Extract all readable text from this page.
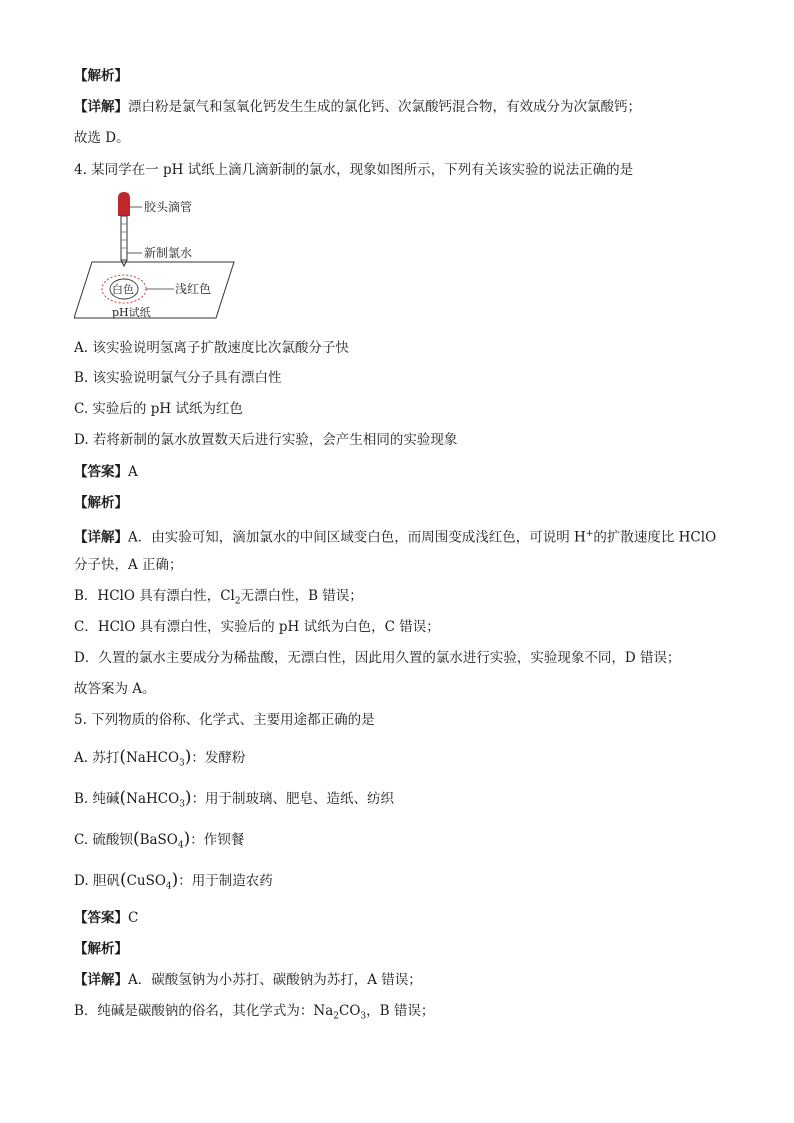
【解析】
【详解】漂白粉是氯气和氢氧化钙发生生成的氯化钙、次氯酸钙混合物，有效成分为次氯酸钙；
故选 D。
4. 某同学在一 pH 试纸上滴几滴新制的氯水，现象如图所示，下列有关该实验的说法正确的是
胶头滴管
新制氯水
白色	浅红色
pH试纸
A. 该实验说明氢离子扩散速度比次氯酸分子快
B. 该实验说明氯气分子具有漂白性
C. 实验后的 pH 试纸为红色
D. 若将新制的氯水放置数天后进行实验，会产生相同的实验现象
【答案】A
【解析】
【详解】A．由实验可知，滴加氯水的中间区域变白色，而周围变成浅红色，可说明 H+的扩散速度比 HClO
分子快，A 正确；
B．HClO 具有漂白性，$Cl_2$无漂白性，B 错误；
C．HClO 具有漂白性，实验后的 pH 试纸为白色，C 错误；
D．久置的氯水主要成分为稀盐酸，无漂白性，因此用久置的氯水进行实验，实验现象不同，D 错误；
故答案为 A。
5. 下列物质的俗称、化学式、主要用途都正确的是
A. 苏打(NaHCO$_3$)：发酵粉
B. 纯碱(NaHCO$_3$)：用于制玻璃、肥皂、造纸、纺织
C. 硫酸钡(BaSO$_4$)：作钡餐
D. 胆矾(CuSO$_4$)：用于制造农药
【答案】C
【解析】
【详解】A．碳酸氢钠为小苏打、碳酸钠为苏打，A 错误；
B．纯碱是碳酸钠的俗名，其化学式为：$Na_2CO_3$，B 错误；
